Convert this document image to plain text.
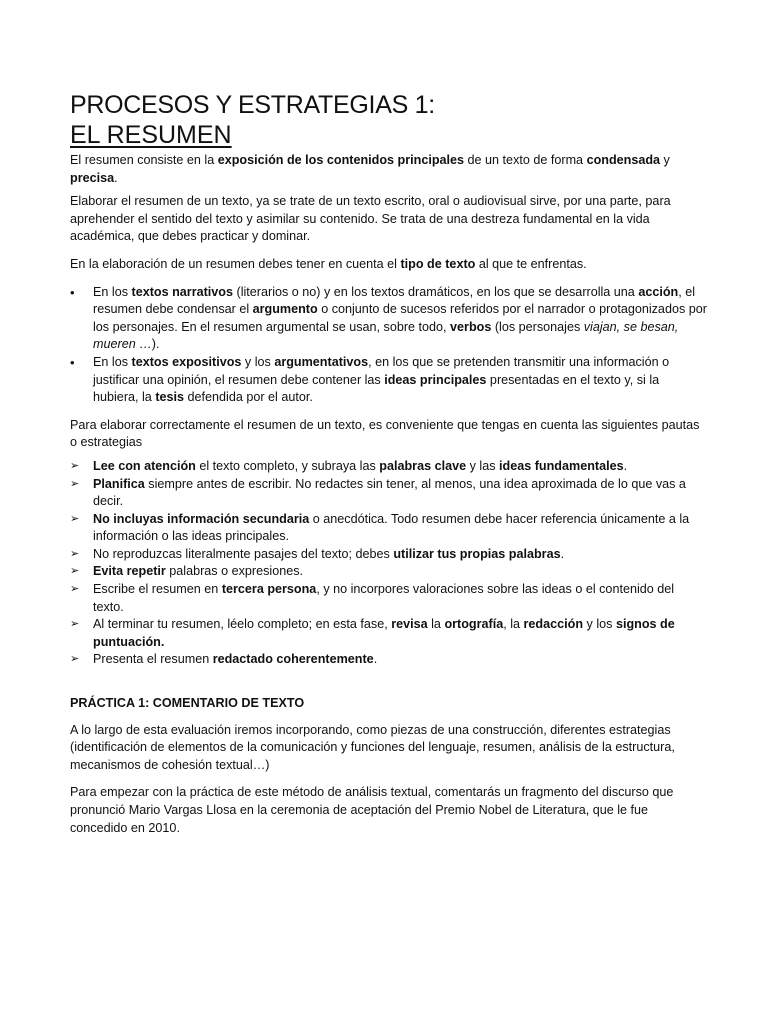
PROCESOS Y ESTRATEGIAS 1:
EL RESUMEN

El resumen consiste en la exposición de los contenidos principales de un texto de forma condensada y precisa.

Elaborar el resumen de un texto, ya se trate de un texto escrito, oral o audiovisual sirve, por una parte, para aprehender el sentido del texto y asimilar su contenido. Se trata de una destreza fundamental en la vida académica, que debes practicar y dominar.

En la elaboración de un resumen debes tener en cuenta el tipo de texto al que te enfrentas.

•	En los textos narrativos (literarios o no) y en los textos dramáticos, en los que se desarrolla una acción, el resumen debe condensar el argumento o conjunto de sucesos referidos por el narrador o protagonizados por los personajes. En el resumen argumental se usan, sobre todo, verbos (los personajes viajan, se besan, mueren …).
•	En los textos expositivos y los argumentativos, en los que se pretenden transmitir una información o justificar una opinión, el resumen debe contener las ideas principales presentadas en el texto y, si la hubiera, la tesis defendida por el autor.

Para elaborar correctamente el resumen de un texto, es conveniente que tengas en cuenta las siguientes pautas o estrategias

➢	Lee con atención el texto completo, y subraya las palabras clave y las ideas fundamentales.
➢	Planifica siempre antes de escribir. No redactes sin tener, al menos, una idea aproximada de lo que vas a decir.
➢	No incluyas información secundaria o anecdótica. Todo resumen debe hacer referencia únicamente a la información o las ideas principales.
➢	No reproduzcas literalmente pasajes del texto; debes utilizar tus propias palabras.
➢	Evita repetir palabras o expresiones.
➢	Escribe el resumen en tercera persona, y no incorpores valoraciones sobre las ideas o el contenido del texto.
➢	Al terminar tu resumen, léelo completo; en esta fase, revisa la ortografía, la redacción y los signos de puntuación.
➢	Presenta el resumen redactado coherentemente.

PRÁCTICA 1: COMENTARIO DE TEXTO

A lo largo de esta evaluación iremos incorporando, como piezas de una construcción, diferentes estrategias (identificación de elementos de la comunicación y funciones del lenguaje, resumen, análisis de la estructura, mecanismos de cohesión textual…)

Para empezar con la práctica de este método de análisis textual, comentarás un fragmento del discurso que pronunció Mario Vargas Llosa en la ceremonia de aceptación del Premio Nobel de Literatura, que le fue concedido en 2010.
